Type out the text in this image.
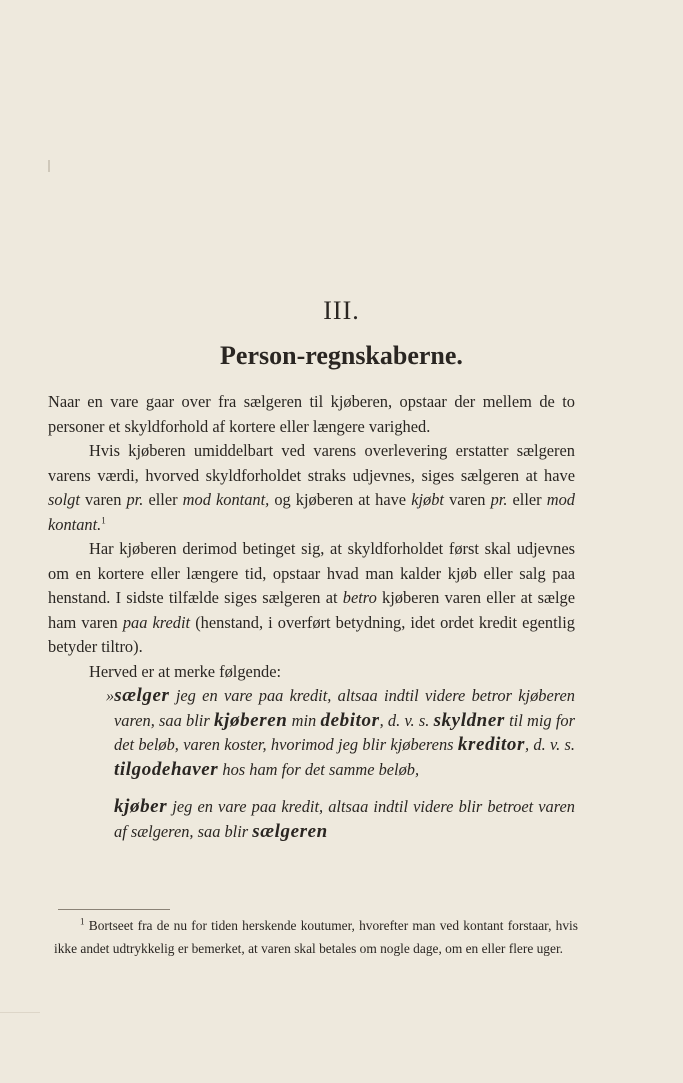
III.
Person-regnskaberne.

Naar en vare gaar over fra sælgeren til kjøberen, opstaar der mellem de to personer et skyldforhold af kortere eller længere varighed.

Hvis kjøberen umiddelbart ved varens overlevering erstatter sælgeren varens værdi, hvorved skyldforholdet straks udjevnes, siges sælgeren at have solgt varen pr. eller mod kontant, og kjøberen at have kjøbt varen pr. eller mod kontant.$^1$

Har kjøberen derimod betinget sig, at skyldforholdet først skal udjevnes om en kortere eller længere tid, opstaar hvad man kalder kjøb eller salg paa henstand. I sidste tilfælde siges sælgeren at betro kjøberen varen eller at sælge ham varen paa kredit (henstand, i overført betydning, idet ordet kredit egentlig betyder tiltro).

Herved er at merke følgende:

»sælger jeg en vare paa kredit, altsaa indtil videre betror kjøberen varen, saa blir kjøberen min debitor, d. v. s. skyldner til mig for det beløb, varen koster, hvorimod jeg blir kjøberens kreditor, d. v. s. tilgodehaver hos ham for det samme beløb,

kjøber jeg en vare paa kredit, altsaa indtil videre blir betroet varen af sælgeren, saa blir sælgeren

$^1$ Bortseet fra de nu for tiden herskende koutumer, hvorefter man ved kontant forstaar, hvis ikke andet udtrykkelig er bemerket, at varen skal betales om nogle dage, om en eller flere uger.
